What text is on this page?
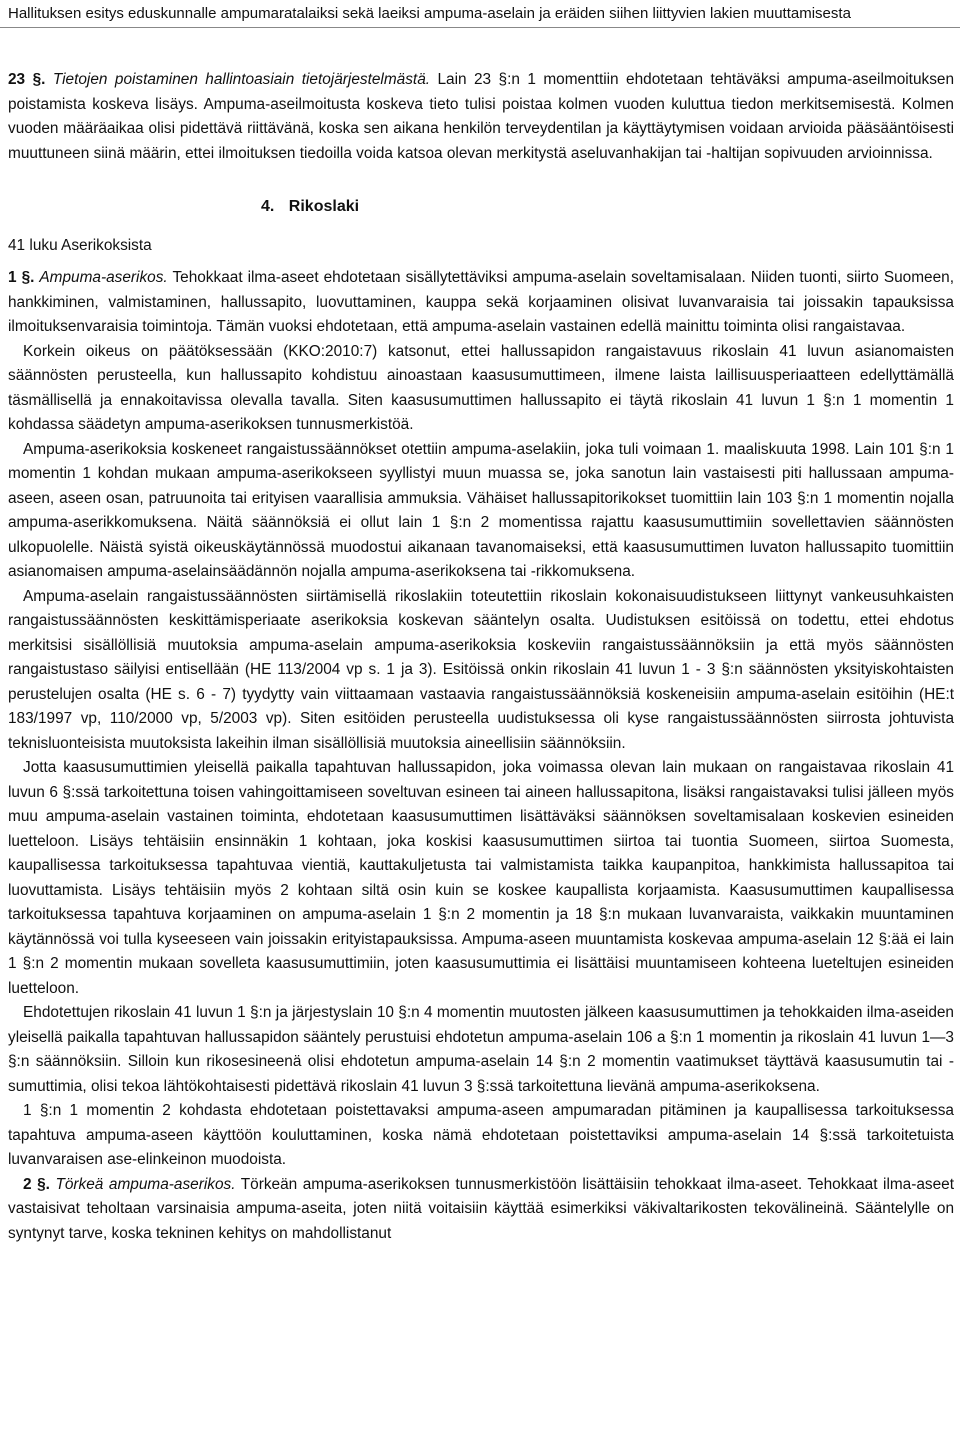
Hallituksen esitys eduskunnalle ampumaratalaiksi sekä laeiksi ampuma-aselain ja eräiden siihen liittyvien lakien muuttamisesta

23 §. Tietojen poistaminen hallintoasiain tietojärjestelmästä. Lain 23 §:n 1 momenttiin ehdotetaan tehtäväksi ampuma-aseilmoituksen poistamista koskeva lisäys. Ampuma-aseilmoitusta koskeva tieto tulisi poistaa kolmen vuoden kuluttua tiedon merkitsemisestä. Kolmen vuoden määräaikaa olisi pidettävä riittävänä, koska sen aikana henkilön terveydentilan ja käyttäytymisen voidaan arvioida pääsääntöisesti muuttuneen siinä määrin, ettei ilmoituksen tiedoilla voida katsoa olevan merkitystä aseluvanhakijan tai -haltijan sopivuuden arvioinnissa.

4. Rikoslaki
41 luku Aserikoksista

1 §. Ampuma-aserikos. Tehokkaat ilma-aseet ehdotetaan sisällytettäviksi ampuma-aselain soveltamisalaan. Niiden tuonti, siirto Suomeen, hankkiminen, valmistaminen, hallussapito, luovuttaminen, kauppa sekä korjaaminen olisivat luvanvaraisia tai joissakin tapauksissa ilmoituksenvaraisia toimintoja. Tämän vuoksi ehdotetaan, että ampuma-aselain vastainen edellä mainittu toiminta olisi rangaistavaa.

Korkein oikeus on päätöksessään (KKO:2010:7) katsonut, ettei hallussapidon rangaistavuus rikoslain 41 luvun asianomaisten säännösten perusteella, kun hallussapito kohdistuu ainoastaan kaasusumuttimeen, ilmene laista laillisuusperiaatteen edellyttämällä täsmällisellä ja ennakoitavissa olevalla tavalla. Siten kaasusumuttimen hallussapito ei täytä rikoslain 41 luvun 1 §:n 1 momentin 1 kohdassa säädetyn ampuma-aserikoksen tunnusmerkistöä.

Ampuma-aserikoksia koskeneet rangaistussäännökset otettiin ampuma-aselakiin, joka tuli voimaan 1. maaliskuuta 1998. Lain 101 §:n 1 momentin 1 kohdan mukaan ampuma-aserikokseen syyllistyi muun muassa se, joka sanotun lain vastaisesti piti hallussaan ampuma-aseen, aseen osan, patruunoita tai erityisen vaarallisia ammuksia. Vähäiset hallussapitorikokset tuomittiin lain 103 §:n 1 momentin nojalla ampuma-aserikkomuksena. Näitä säännöksiä ei ollut lain 1 §:n 2 momentissa rajattu kaasusumuttimiin sovellettavien säännösten ulkopuolelle. Näistä syistä oikeuskäytännössä muodostui aikanaan tavanomaiseksi, että kaasusumuttimen luvaton hallussapito tuomittiin asianomaisen ampuma-aselainsäädännön nojalla ampuma-aserikoksena tai -rikkomuksena.

Ampuma-aselain rangaistussäännösten siirtämisellä rikoslakiin toteutettiin rikoslain kokonaisuudistukseen liittynyt vankeusuhkaisten rangaistussäännösten keskittämisperiaate aserikoksia koskevan sääntelyn osalta. Uudistuksen esitöissä on todettu, ettei ehdotus merkitsisi sisällöllisiä muutoksia ampuma-aselain ampuma-aserikoksia koskeviin rangaistussäännöksiin ja että myös säännösten rangaistustaso säilyisi entisellään (HE 113/2004 vp s. 1 ja 3). Esitöissä onkin rikoslain 41 luvun 1 - 3 §:n säännösten yksityiskohtaisten perustelujen osalta (HE s. 6 - 7) tyydytty vain viittaamaan vastaavia rangaistussäännöksiä koskeneisiin ampuma-aselain esitöihin (HE:t 183/1997 vp, 110/2000 vp, 5/2003 vp). Siten esitöiden perusteella uudistuksessa oli kyse rangaistussäännösten siirrosta johtuvista teknisluonteisista muutoksista lakeihin ilman sisällöllisiä muutoksia aineellisiin säännöksiin.

Jotta kaasusumuttimien yleisellä paikalla tapahtuvan hallussapidon, joka voimassa olevan lain mukaan on rangaistavaa rikoslain 41 luvun 6 §:ssä tarkoitettuna toisen vahingoittamiseen soveltuvan esineen tai aineen hallussapitona, lisäksi rangaistavaksi tulisi jälleen myös muu ampuma-aselain vastainen toiminta, ehdotetaan kaasusumuttimen lisättäväksi säännöksen soveltamisalaan koskevien esineiden luetteloon. Lisäys tehtäisiin ensinnäkin 1 kohtaan, joka koskisi kaasusumuttimen siirtoa tai tuontia Suomeen, siirtoa Suomesta, kaupallisessa tarkoituksessa tapahtuvaa vientiä, kauttakuljetusta tai valmistamista taikka kaupanpitoa, hankkimista hallussapitoa tai luovuttamista. Lisäys tehtäisiin myös 2 kohtaan siltä osin kuin se koskee kaupallista korjaamista. Kaasusumuttimen kaupallisessa tarkoituksessa tapahtuva korjaaminen on ampuma-aselain 1 §:n 2 momentin ja 18 §:n mukaan luvanvaraista, vaikkakin muuntaminen käytännössä voi tulla kyseeseen vain joissakin erityistapauksissa. Ampuma-aseen muuntamista koskevaa ampuma-aselain 12 §:ää ei lain 1 §:n 2 momentin mukaan sovelleta kaasusumuttimiin, joten kaasusumuttimia ei lisättäisi muuntamiseen kohteena lueteltujen esineiden luetteloon.

Ehdotettujen rikoslain 41 luvun 1 §:n ja järjestyslain 10 §:n 4 momentin muutosten jälkeen kaasusumuttimen ja tehokkaiden ilma-aseiden yleisellä paikalla tapahtuvan hallussapidon sääntely perustuisi ehdotetun ampuma-aselain 106 a §:n 1 momentin ja rikoslain 41 luvun 1—3 §:n säännöksiin. Silloin kun rikosesineenä olisi ehdotetun ampuma-aselain 14 §:n 2 momentin vaatimukset täyttävä kaasusumutin tai -sumuttimia, olisi tekoa lähtökohtaisesti pidettävä rikoslain 41 luvun 3 §:ssä tarkoitettuna lievänä ampuma-aserikoksena.

1 §:n 1 momentin 2 kohdasta ehdotetaan poistettavaksi ampuma-aseen ampumaradan pitäminen ja kaupallisessa tarkoituksessa tapahtuva ampuma-aseen käyttöön kouluttaminen, koska nämä ehdotetaan poistettaviksi ampuma-aselain 14 §:ssä tarkoitetuista luvanvaraisen ase-elinkeinon muodoista.

2 §. Törkeä ampuma-aserikos. Törkeän ampuma-aserikoksen tunnusmerkistöön lisättäisiin tehokkaat ilma-aseet. Tehokkaat ilma-aseet vastaisivat teholtaan varsinaisia ampuma-aseita, joten niitä voitaisiin käyttää esimerkiksi väkivaltarikosten tekovälineinä. Sääntelylle on syntynyt tarve, koska tekninen kehitys on mahdollistanut
